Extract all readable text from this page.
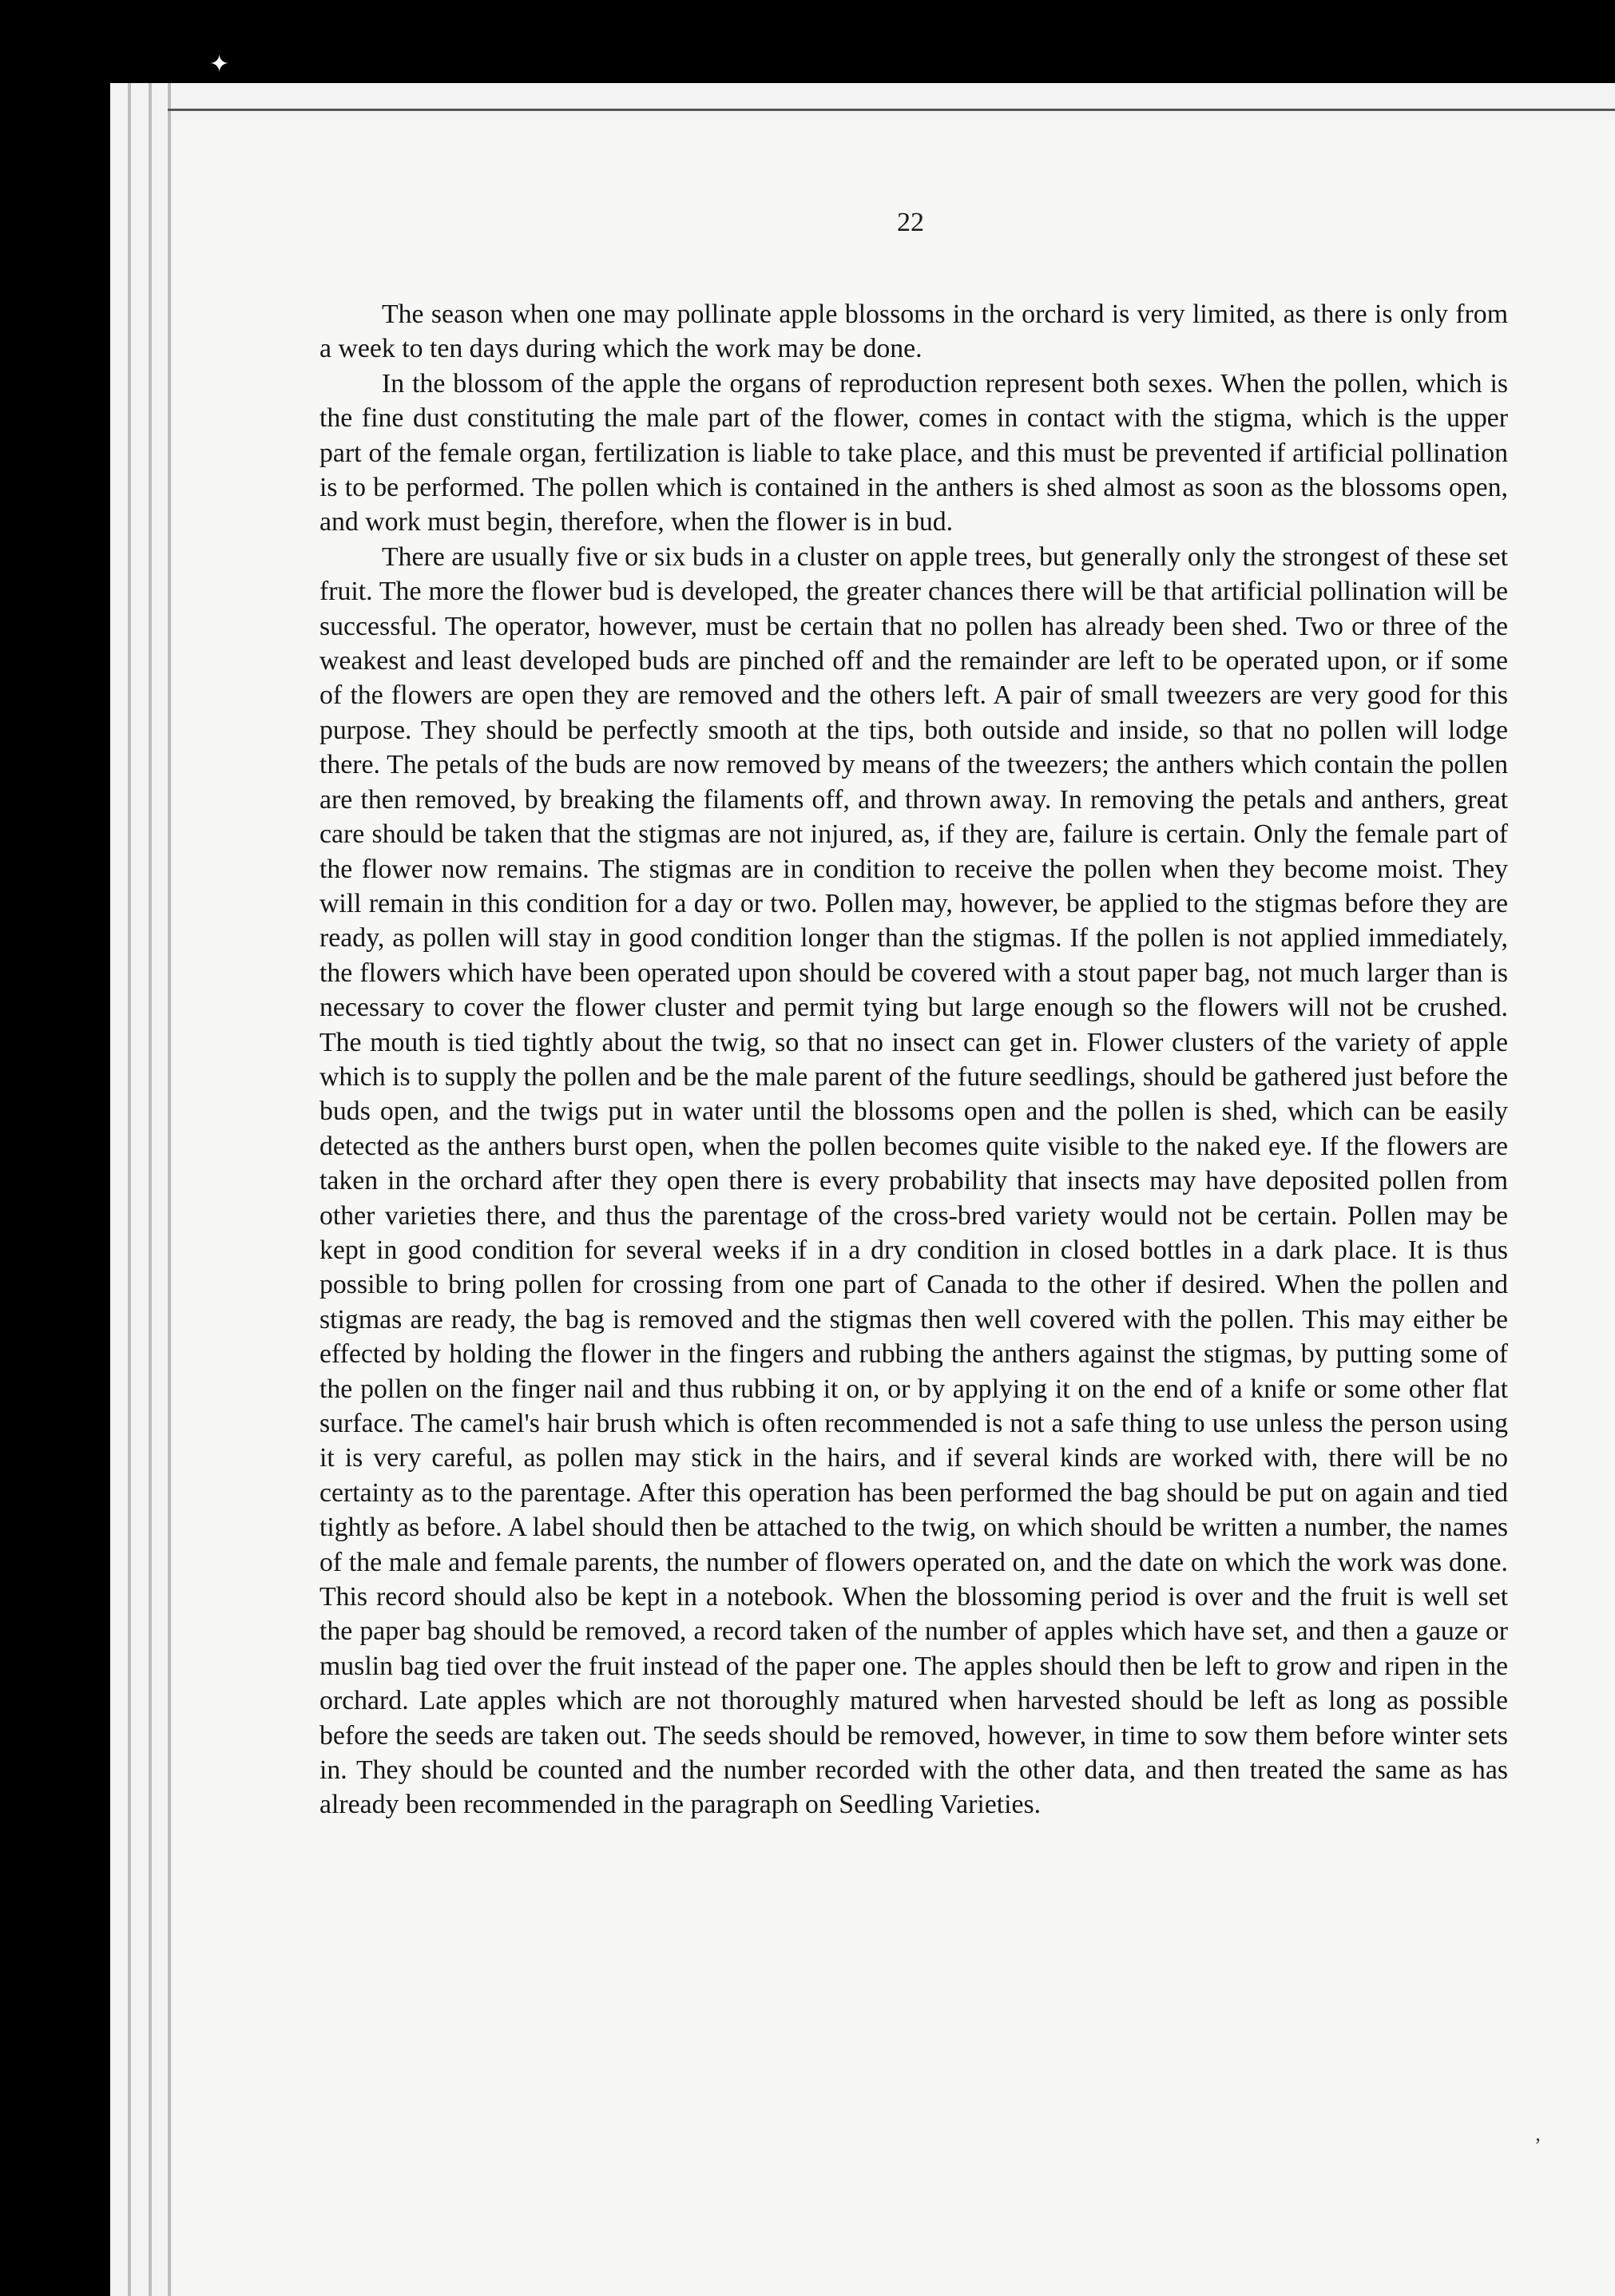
✦
22

The season when one may pollinate apple blossoms in the orchard is very limited, as there is only from a week to ten days during which the work may be done.

In the blossom of the apple the organs of reproduction represent both sexes. When the pollen, which is the fine dust constituting the male part of the flower, comes in contact with the stigma, which is the upper part of the female organ, fertilization is liable to take place, and this must be prevented if artificial pollination is to be performed. The pollen which is contained in the anthers is shed almost as soon as the blossoms open, and work must begin, therefore, when the flower is in bud.

There are usually five or six buds in a cluster on apple trees, but generally only the strongest of these set fruit. The more the flower bud is developed, the greater chances there will be that artificial pollination will be successful. The operator, however, must be certain that no pollen has already been shed. Two or three of the weakest and least developed buds are pinched off and the remainder are left to be operated upon, or if some of the flowers are open they are removed and the others left. A pair of small tweezers are very good for this purpose. They should be perfectly smooth at the tips, both outside and inside, so that no pollen will lodge there. The petals of the buds are now removed by means of the tweezers; the anthers which contain the pollen are then removed, by breaking the filaments off, and thrown away. In removing the petals and anthers, great care should be taken that the stigmas are not injured, as, if they are, failure is certain. Only the female part of the flower now remains. The stigmas are in condition to receive the pollen when they become moist. They will remain in this condition for a day or two. Pollen may, however, be applied to the stigmas before they are ready, as pollen will stay in good condition longer than the stigmas. If the pollen is not applied immediately, the flowers which have been operated upon should be covered with a stout paper bag, not much larger than is necessary to cover the flower cluster and permit tying but large enough so the flowers will not be crushed. The mouth is tied tightly about the twig, so that no insect can get in. Flower clusters of the variety of apple which is to supply the pollen and be the male parent of the future seedlings, should be gathered just before the buds open, and the twigs put in water until the blossoms open and the pollen is shed, which can be easily detected as the anthers burst open, when the pollen becomes quite visible to the naked eye. If the flowers are taken in the orchard after they open there is every probability that insects may have deposited pollen from other varieties there, and thus the parentage of the cross-bred variety would not be certain. Pollen may be kept in good condition for several weeks if in a dry condition in closed bottles in a dark place. It is thus possible to bring pollen for crossing from one part of Canada to the other if desired. When the pollen and stigmas are ready, the bag is removed and the stigmas then well covered with the pollen. This may either be effected by holding the flower in the fingers and rubbing the anthers against the stigmas, by putting some of the pollen on the finger nail and thus rubbing it on, or by applying it on the end of a knife or some other flat surface. The camel's hair brush which is often recommended is not a safe thing to use unless the person using it is very careful, as pollen may stick in the hairs, and if several kinds are worked with, there will be no certainty as to the parentage. After this operation has been performed the bag should be put on again and tied tightly as before. A label should then be attached to the twig, on which should be written a number, the names of the male and female parents, the number of flowers operated on, and the date on which the work was done. This record should also be kept in a notebook. When the blossoming period is over and the fruit is well set the paper bag should be removed, a record taken of the number of apples which have set, and then a gauze or muslin bag tied over the fruit instead of the paper one. The apples should then be left to grow and ripen in the orchard. Late apples which are not thoroughly matured when harvested should be left as long as possible before the seeds are taken out. The seeds should be removed, however, in time to sow them before winter sets in. They should be counted and the number recorded with the other data, and then treated the same as has already been recommended in the paragraph on Seedling Varieties.

ʼ
